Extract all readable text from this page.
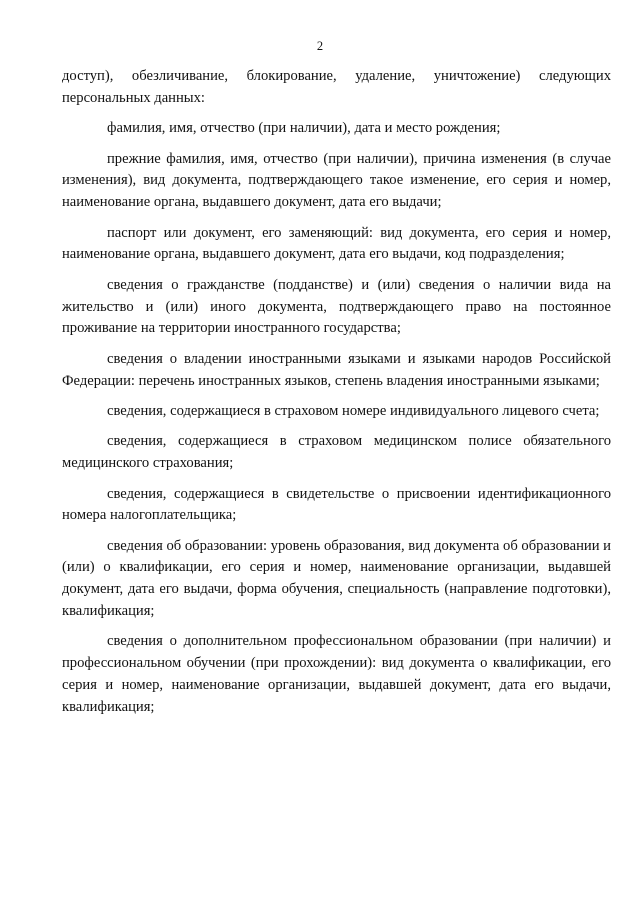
2

доступ), обезличивание, блокирование, удаление, уничтожение) следующих персональных данных:

фамилия, имя, отчество (при наличии), дата и место рождения;

прежние фамилия, имя, отчество (при наличии), причина изменения (в случае изменения), вид документа, подтверждающего такое изменение, его серия и номер, наименование органа, выдавшего документ, дата его выдачи;

паспорт или документ, его заменяющий: вид документа, его серия и номер, наименование органа, выдавшего документ, дата его выдачи, код подразделения;

сведения о гражданстве (подданстве) и (или) сведения о наличии вида на жительство и (или) иного документа, подтверждающего право на постоянное проживание на территории иностранного государства;

сведения о владении иностранными языками и языками народов Российской Федерации: перечень иностранных языков, степень владения иностранными языками;

сведения, содержащиеся в страховом номере индивидуального лицевого счета;

сведения, содержащиеся в страховом медицинском полисе обязательного медицинского страхования;

сведения, содержащиеся в свидетельстве о присвоении идентификационного номера налогоплательщика;

сведения об образовании: уровень образования, вид документа об образовании и (или) о квалификации, его серия и номер, наименование организации, выдавшей документ, дата его выдачи, форма обучения, специальность (направление подготовки), квалификация;

сведения о дополнительном профессиональном образовании (при наличии) и профессиональном обучении (при прохождении): вид документа о квалификации, его серия и номер, наименование организации, выдавшей документ, дата его выдачи, квалификация;
